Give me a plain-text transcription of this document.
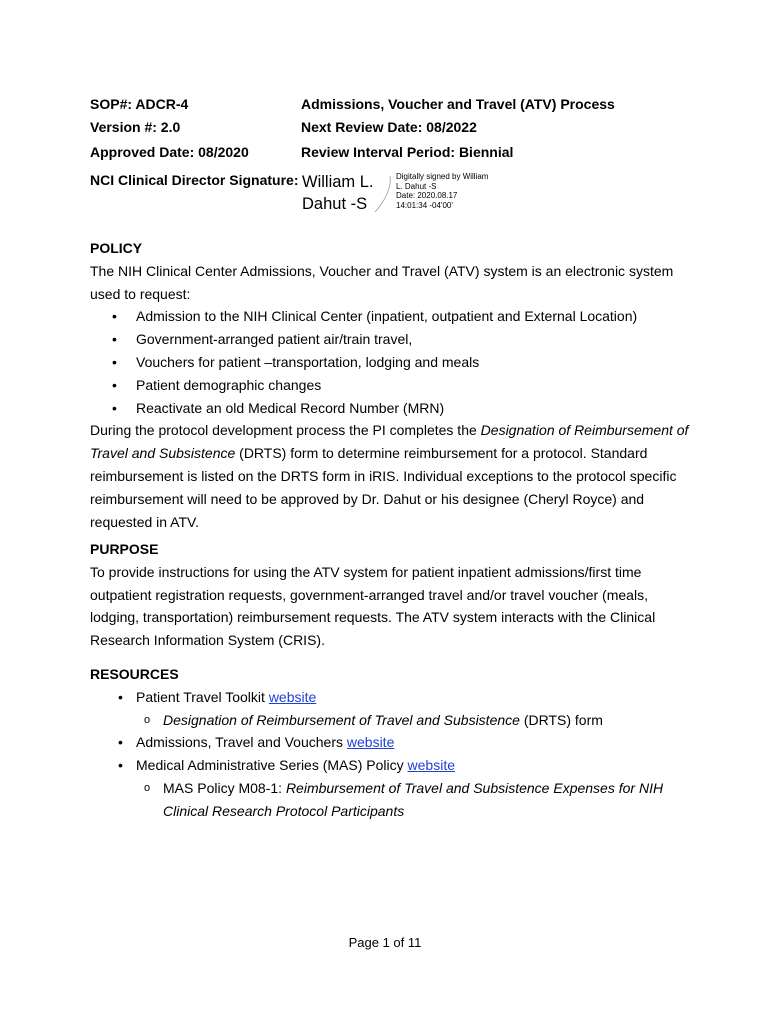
SOP#: ADCR-4
Version #: 2.0
Approved Date: 08/2020
NCI Clinical Director Signature:
Admissions, Voucher and Travel (ATV) Process
Next Review Date: 08/2022
Review Interval Period: Biennial
William L.
Dahut -S
Digitally signed by William
L. Dahut -S
Date: 2020.08.17
14:01:34 -04'00'
POLICY

The NIH Clinical Center Admissions, Voucher and Travel (ATV) system is an electronic system used to request:

• Admission to the NIH Clinical Center (inpatient, outpatient and External Location)
• Government-arranged patient air/train travel,
• Vouchers for patient –transportation, lodging and meals
• Patient demographic changes
• Reactivate an old Medical Record Number (MRN)

During the protocol development process the PI completes the Designation of Reimbursement of Travel and Subsistence (DRTS) form to determine reimbursement for a protocol. Standard reimbursement is listed on the DRTS form in iRIS. Individual exceptions to the protocol specific reimbursement will need to be approved by Dr. Dahut or his designee (Cheryl Royce) and requested in ATV.

PURPOSE

To provide instructions for using the ATV system for patient inpatient admissions/first time outpatient registration requests, government-arranged travel and/or travel voucher (meals, lodging, transportation) reimbursement requests. The ATV system interacts with the Clinical Research Information System (CRIS).

RESOURCES
• Patient Travel Toolkit website
o Designation of Reimbursement of Travel and Subsistence (DRTS) form
• Admissions, Travel and Vouchers website
• Medical Administrative Series (MAS) Policy website
o MAS Policy M08-1: Reimbursement of Travel and Subsistence Expenses for NIH Clinical Research Protocol Participants
Page 1 of 11
